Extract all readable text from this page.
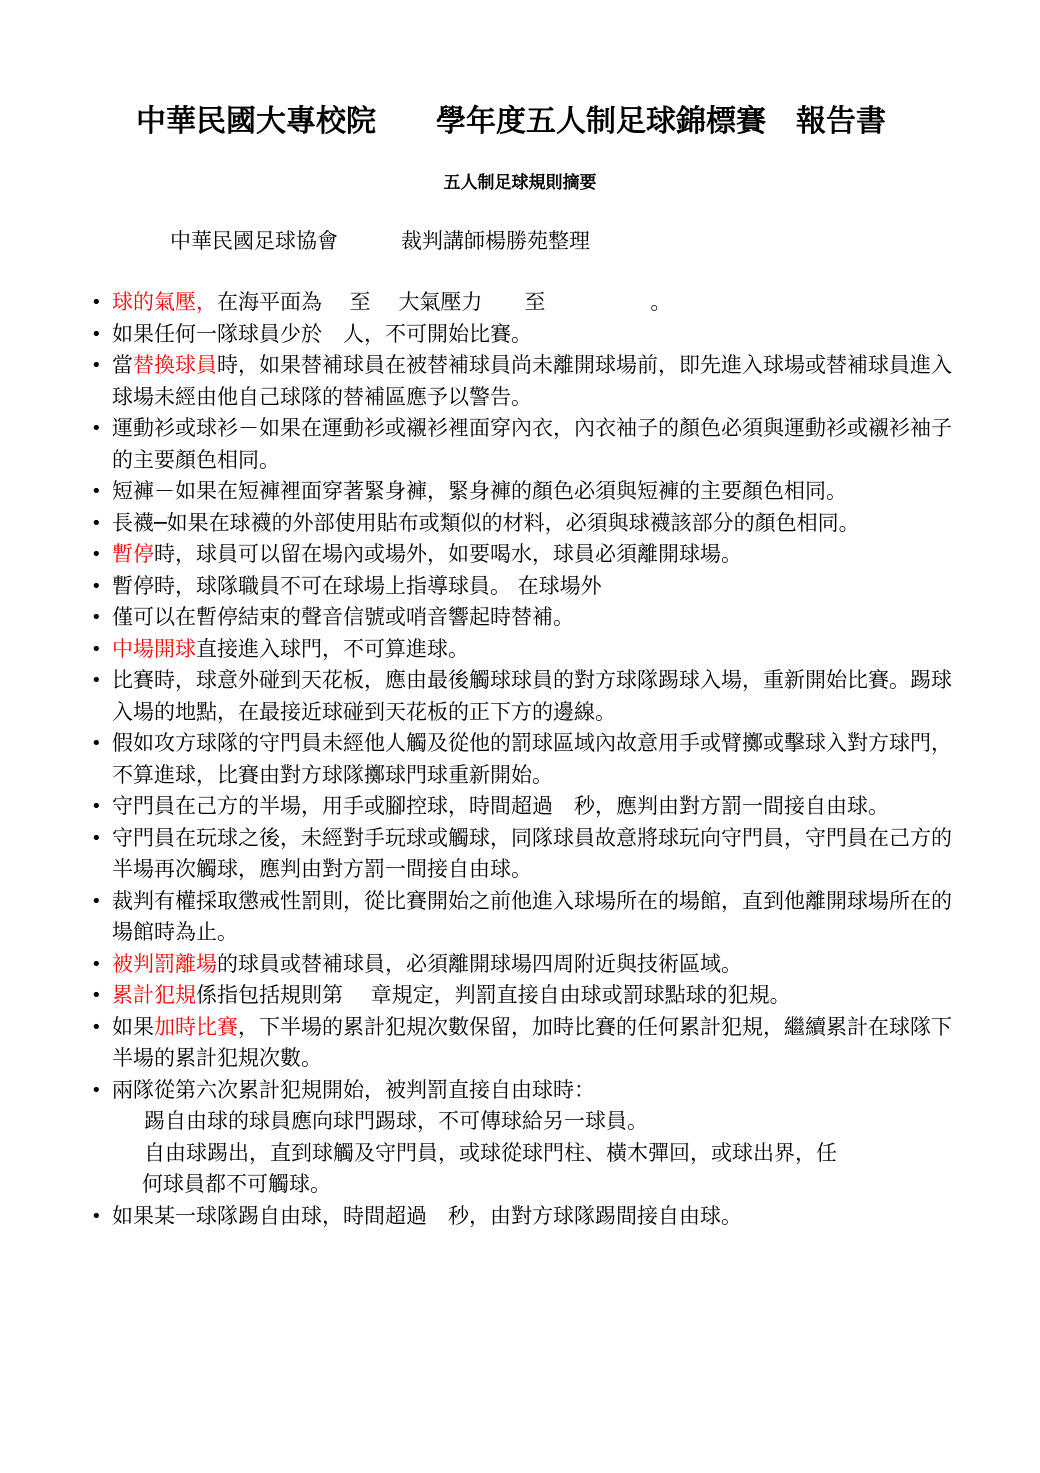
中華民國大專校院　　學年度五人制足球錦標賽　報告書
五人制足球規則摘要
中華民國足球協會　　　裁判講師楊勝苑整理
• 球的氣壓，在海平面為　 至　 大氣壓力　　至　　　　　。
• 如果任何一隊球員少於　人，不可開始比賽。
• 當替換球員時，如果替補球員在被替補球員尚未離開球場前，即先進入球場或替補球員進入球場未經由他自己球隊的替補區應予以警告。
• 運動衫或球衫－如果在運動衫或襯衫裡面穿內衣，內衣袖子的顏色必須與運動衫或襯衫袖子的主要顏色相同。
• 短褲－如果在短褲裡面穿著緊身褲，緊身褲的顏色必須與短褲的主要顏色相同。
• 長襪─如果在球襪的外部使用貼布或類似的材料，必須與球襪該部分的顏色相同。
• 暫停時，球員可以留在場內或場外，如要喝水，球員必須離開球場。
• 暫停時，球隊職員不可在球場上指導球員。 在球場外
• 僅可以在暫停結束的聲音信號或哨音響起時替補。
• 中場開球直接進入球門，不可算進球。
• 比賽時，球意外碰到天花板，應由最後觸球球員的對方球隊踢球入場，重新開始比賽。踢球入場的地點，在最接近球碰到天花板的正下方的邊線。
• 假如攻方球隊的守門員未經他人觸及從他的罰球區域內故意用手或臂擲或擊球入對方球門，不算進球，比賽由對方球隊擲球門球重新開始。
• 守門員在己方的半場，用手或腳控球，時間超過　秒，應判由對方罰一間接自由球。
• 守門員在玩球之後，未經對手玩球或觸球，同隊球員故意將球玩向守門員，守門員在己方的半場再次觸球，應判由對方罰一間接自由球。
• 裁判有權採取懲戒性罰則，從比賽開始之前他進入球場所在的場館，直到他離開球場所在的場館時為止。
• 被判罰離場的球員或替補球員，必須離開球場四周附近與技術區域。
• 累計犯規係指包括規則第　 章規定，判罰直接自由球或罰球點球的犯規。
• 如果加時比賽，下半場的累計犯規次數保留，加時比賽的任何累計犯規，繼續累計在球隊下半場的累計犯規次數。
• 兩隊從第六次累計犯規開始，被判罰直接自由球時：
踢自由球的球員應向球門踢球，不可傳球給另一球員。
自由球踢出，直到球觸及守門員，或球從球門柱、橫木彈回，或球出界，任
何球員都不可觸球。
• 如果某一球隊踢自由球，時間超過　秒，由對方球隊踢間接自由球。
